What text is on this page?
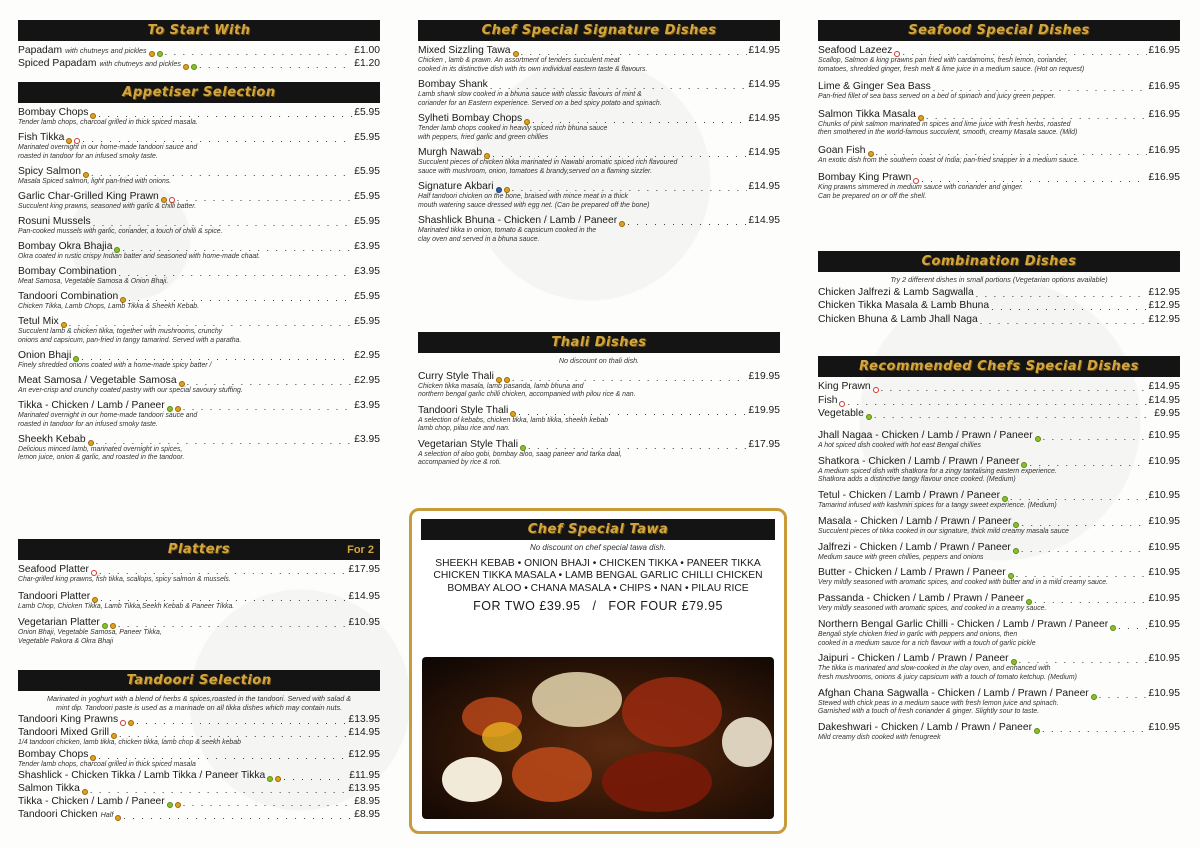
To Start With
Papadam with chutneys and pickles . . .	£1.00
Spiced Papadam with chutneys and pickles . . .	£1.20
Appetiser Selection
Bombay Chops . . .	£5.95
Tender lamb chops, charcoal grilled in thick spiced masala.
Fish Tikka . . .	£5.95
Marinated overnight in our home-made tandoori sauce and
roasted in tandoor for an infused smoky taste.
Spicy Salmon . . .	£5.95
Masala Spiced salmon, light pan-fried with onions.
Garlic Char-Grilled King Prawn . . .	£5.95
Succulent king prawns, seasoned with garlic & chilli batter.
Rosuni Mussels . . .	£5.95
Pan-cooked mussels with garlic, coriander, a touch of chilli & spice.
Bombay Okra Bhajia . . .	£3.95
Okra coated in rustic crispy Indian batter and seasoned with home-made chaat.
Bombay Combination . . .	£3.95
Meat Samosa, Vegetable Samosa & Onion Bhaji.
Tandoori Combination . . .	£5.95
Chicken Tikka, Lamb Chops, Lamb Tikka & Sheekh Kebab.
Tetul Mix . . .	£5.95
Succulent lamb & chicken tikka, together with mushrooms, crunchy
onions and capsicum, pan-fried in tangy tamarind. Served with a paratha.
Onion Bhaji . . .	£2.95
Finely shredded onions coated with a home-made spicy batter /
Meat Samosa / Vegetable Samosa . . .	£2.95
An ever-crisp and crunchy coated pastry with our special savoury stuffing.
Tikka - Chicken / Lamb / Paneer . . .	£3.95
Marinated overnight in our home-made tandoori sauce and
roasted in tandoor for an infused smoky taste.
Sheekh Kebab . . .	£3.95
Delicious minced lamb, marinated overnight in spices,
lemon juice, onion & garlic, and roasted in the tandoor.
Platters	For 2
Seafood Platter . . .	£17.95
Char-grilled king prawns, fish tikka, scallops, spicy salmon & mussels.
Tandoori Platter . . .	£14.95
Lamb Chop, Chicken Tikka, Lamb Tikka,Seekh Kebab & Paneer Tikka.
Vegetarian Platter . . .	£10.95
Onion Bhaji, Vegetable Samosa, Paneer Tikka,
Vegetable Pakora & Okra Bhaji
Tandoori Selection
Marinated in yoghurt with a blend of herbs & spices,roasted in the tandoori. Served with salad &
mint dip. Tandoori paste is used as a marinade on all tikka dishes which may contain nuts.
Tandoori King Prawns . . .	£13.95
Tandoori Mixed Grill . . .	£14.95
1/4 tandoori chicken, lamb tikka, chicken tikka, lamb chop & seekh kebab
Bombay Chops . . .	£12.95
Tender lamb chops, charcoal grilled in thick spiced masala
Shashlick - Chicken Tikka / Lamb Tikka / Paneer Tikka . . .	£11.95
Salmon Tikka . . .	£13.95
Tikka - Chicken / Lamb / Paneer . . .	£8.95
Tandoori Chicken Half . . .	£8.95
Chef Special Signature Dishes
Mixed Sizzling Tawa . . .	£14.95
Chicken , lamb & prawn. An assortment of tenders succulent meat
cooked in its distinctive dish with its own individual eastern taste & flavours.
Bombay Shank . . .	£14.95
Lamb shank slow cooked in a bhuna sauce with classic flavours of mint &
coriander for an Eastern experience. Served on a bed spicy potato and spinach.
Sylheti Bombay Chops . . .	£14.95
Tender lamb chops cooked in heavily spiced rich bhuna sauce
with peppers, fried garlic and green chillies
Murgh Nawab . . .	£14.95
Succulent pieces of chicken tikka marinated in Nawabi aromatic spiced rich flavoured
sauce with mushroom, onion, tomatoes & brandy,served on a flaming sizzler.
Signature Akbari . . .	£14.95
Half tandoori chicken on the bone, braised with mince meat in a thick
mouth watering sauce dressed with egg net. (Can be prepared off the bone)
Shashlick Bhuna - Chicken / Lamb / Paneer . . .	£14.95
Marinated tikka in onion, tomato & capsicum cooked in the
clay oven and served in a bhuna sauce.
Thali Dishes
No discount on thali dish.
Curry Style Thali . . .	£19.95
Chicken tikka masala, lamb pasanda, lamb bhuna and
northern bengal garlic chilli chicken, accompanied with pilou rice & nan.
Tandoori Style Thali . . .	£19.95
A selection of kebabs, chicken tikka, lamb tikka, sheekh kebab
lamb chop, pilau rice and nan.
Vegetarian Style Thali . . .	£17.95
A selection of aloo gobi, bombay aloo, saag paneer and tarka daal,
accompanied by rice & roti.
Chef Special Tawa
No discount on chef special tawa dish.
SHEEKH KEBAB • ONION BHAJI • CHICKEN TIKKA • PANEER TIKKA
CHICKEN TIKKA MASALA • LAMB BENGAL GARLIC CHILLI CHICKEN
BOMBAY ALOO • CHANA MASALA • CHIPS • NAN • PILAU RICE
FOR TWO £39.95   /   FOR FOUR £79.95
Seafood Special Dishes
Seafood Lazeez . . .	£16.95
Scallop, Salmon & king prawns pan fried with cardamoms, fresh lemon, coriander,
tomatoes, shredded ginger, fresh melt & lime juice in a medium sauce. (Hot on request)
Lime & Ginger Sea Bass . . .	£16.95
Pan-fried fillet of sea bass served on a bed of spinach and juicy green pepper.
Salmon Tikka Masala . . .	£16.95
Chunks of pink salmon marinated in spices and lime juice with fresh herbs, roasted
then smothered in the world-famous succulent, smooth, creamy Masala sauce. (Mild)
Goan Fish . . .	£16.95
An exotic dish from the southern coast of India; pan-fried snapper in a medium sauce.
Bombay King Prawn . . .	£16.95
King prawns simmered in medium sauce with coriander and ginger.
Can be prepared on or off the shell.
Combination Dishes
Try 2 different dishes in small portions (Vegetarian options available)
Chicken Jalfrezi & Lamb Sagwalla . . .	£12.95
Chicken Tikka Masala & Lamb Bhuna . . .	£12.95
Chicken Bhuna & Lamb Jhall Naga . . .	£12.95
Recommended Chefs Special Dishes
King Prawn . . .	£14.95
Fish . . .	£14.95
Vegetable . . .	£9.95
Jhall Nagaa - Chicken / Lamb / Prawn / Paneer . . .	£10.95
A hot spiced dish cooked with hot east Bengal chillies
Shatkora - Chicken / Lamb / Prawn / Paneer . . .	£10.95
A medium spiced dish with shatkora for a zingy tantalising eastern experience.
Shatkora adds a distinctive tangy flavour once cooked. (Medium)
Tetul - Chicken / Lamb / Prawn / Paneer . . .	£10.95
Tamarind infused with kashmiri spices for a tangy sweet experience. (Medium)
Masala - Chicken / Lamb / Prawn / Paneer . . .	£10.95
Succulent pieces of tikka cooked in our signature, thick mild creamy masala sauce
Jalfrezi - Chicken / Lamb / Prawn / Paneer . . .	£10.95
Medium sauce with green chillies, peppers and onions
Butter - Chicken / Lamb / Prawn / Paneer . . .	£10.95
Very mildly seasoned with aromatic spices, and cooked with butter and in a mild creamy sauce.
Passanda - Chicken / Lamb / Prawn / Paneer . . .	£10.95
Very mildly seasoned with aromatic spices, and cooked in a creamy sauce.
Northern Bengal Garlic Chilli - Chicken / Lamb / Prawn / Paneer . . .	£10.95
Bengali style chicken fried in garlic with peppers and onions, then
cooked in a medium sauce for a rich flavour with a touch of garlic pickle
Jaipuri - Chicken / Lamb / Prawn / Paneer . . .	£10.95
The tikka is marinated and slow-cooked in the clay oven, and enhanced with
fresh mushrooms, onions & juicy capsicum with a touch of tomato ketchup. (Medium)
Afghan Chana Sagwalla - Chicken / Lamb / Prawn / Paneer . . .	£10.95
Stewed with chick peas in a medium sauce with fresh lemon juice and spinach.
Garnished with a touch of fresh coriander & ginger. Slightly sour to taste.
Dakeshwari - Chicken / Lamb / Prawn / Paneer . . .	£10.95
Mild creamy dish cooked with fenugreek
